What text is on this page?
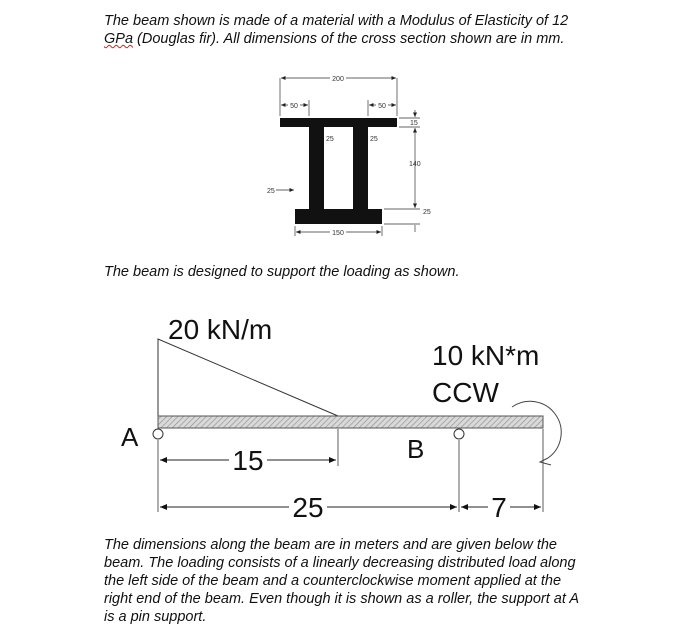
The beam shown is made of a material with a Modulus of Elasticity of 12
GPa (Douglas fir). All dimensions of the cross section shown are in mm.

200
50	50
25	25
15
140
25
25
150
20 kN/m
10 kN*m
CCW
A	B
15
25	7

The beam is designed to support the loading as shown.

The dimensions along the beam are in meters and are given below the
beam. The loading consists of a linearly decreasing distributed load along
the left side of the beam and a counterclockwise moment applied at the
right end of the beam. Even though it is shown as a roller, the support at A
is a pin support.
